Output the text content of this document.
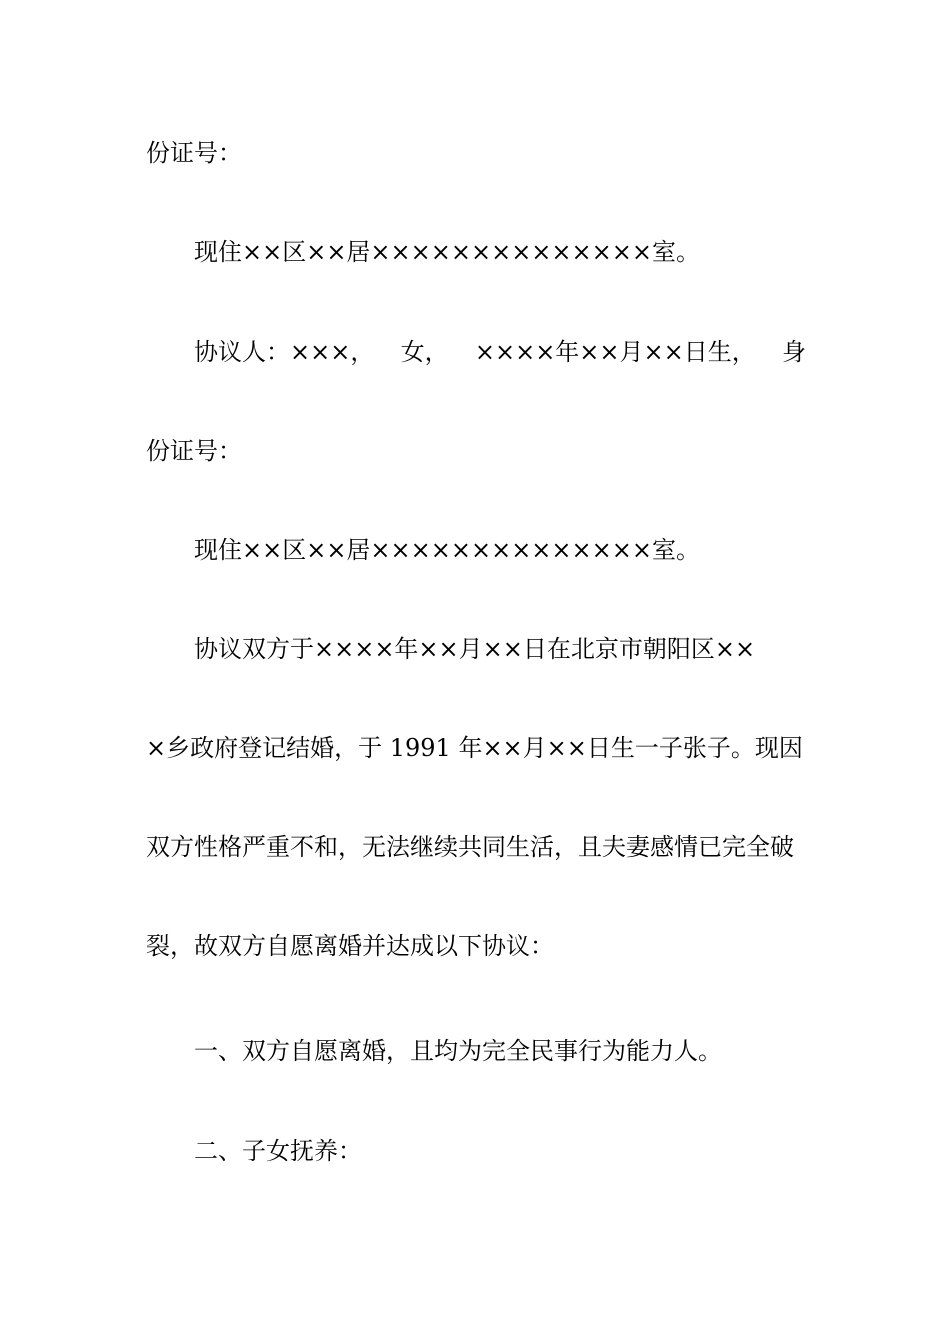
份证号：
现住××区××居××××××××××××××室。
协议人：×××， 女， ××××年××月××日生， 身
份证号：
现住××区××居××××××××××××××室。
协议双方于××××年××月××日在北京市朝阳区××
×乡政府登记结婚，于 1991 年××月××日生一子张子。现因
双方性格严重不和，无法继续共同生活，且夫妻感情已完全破
裂，故双方自愿离婚并达成以下协议：
一、双方自愿离婚，且均为完全民事行为能力人。
二、子女抚养：
